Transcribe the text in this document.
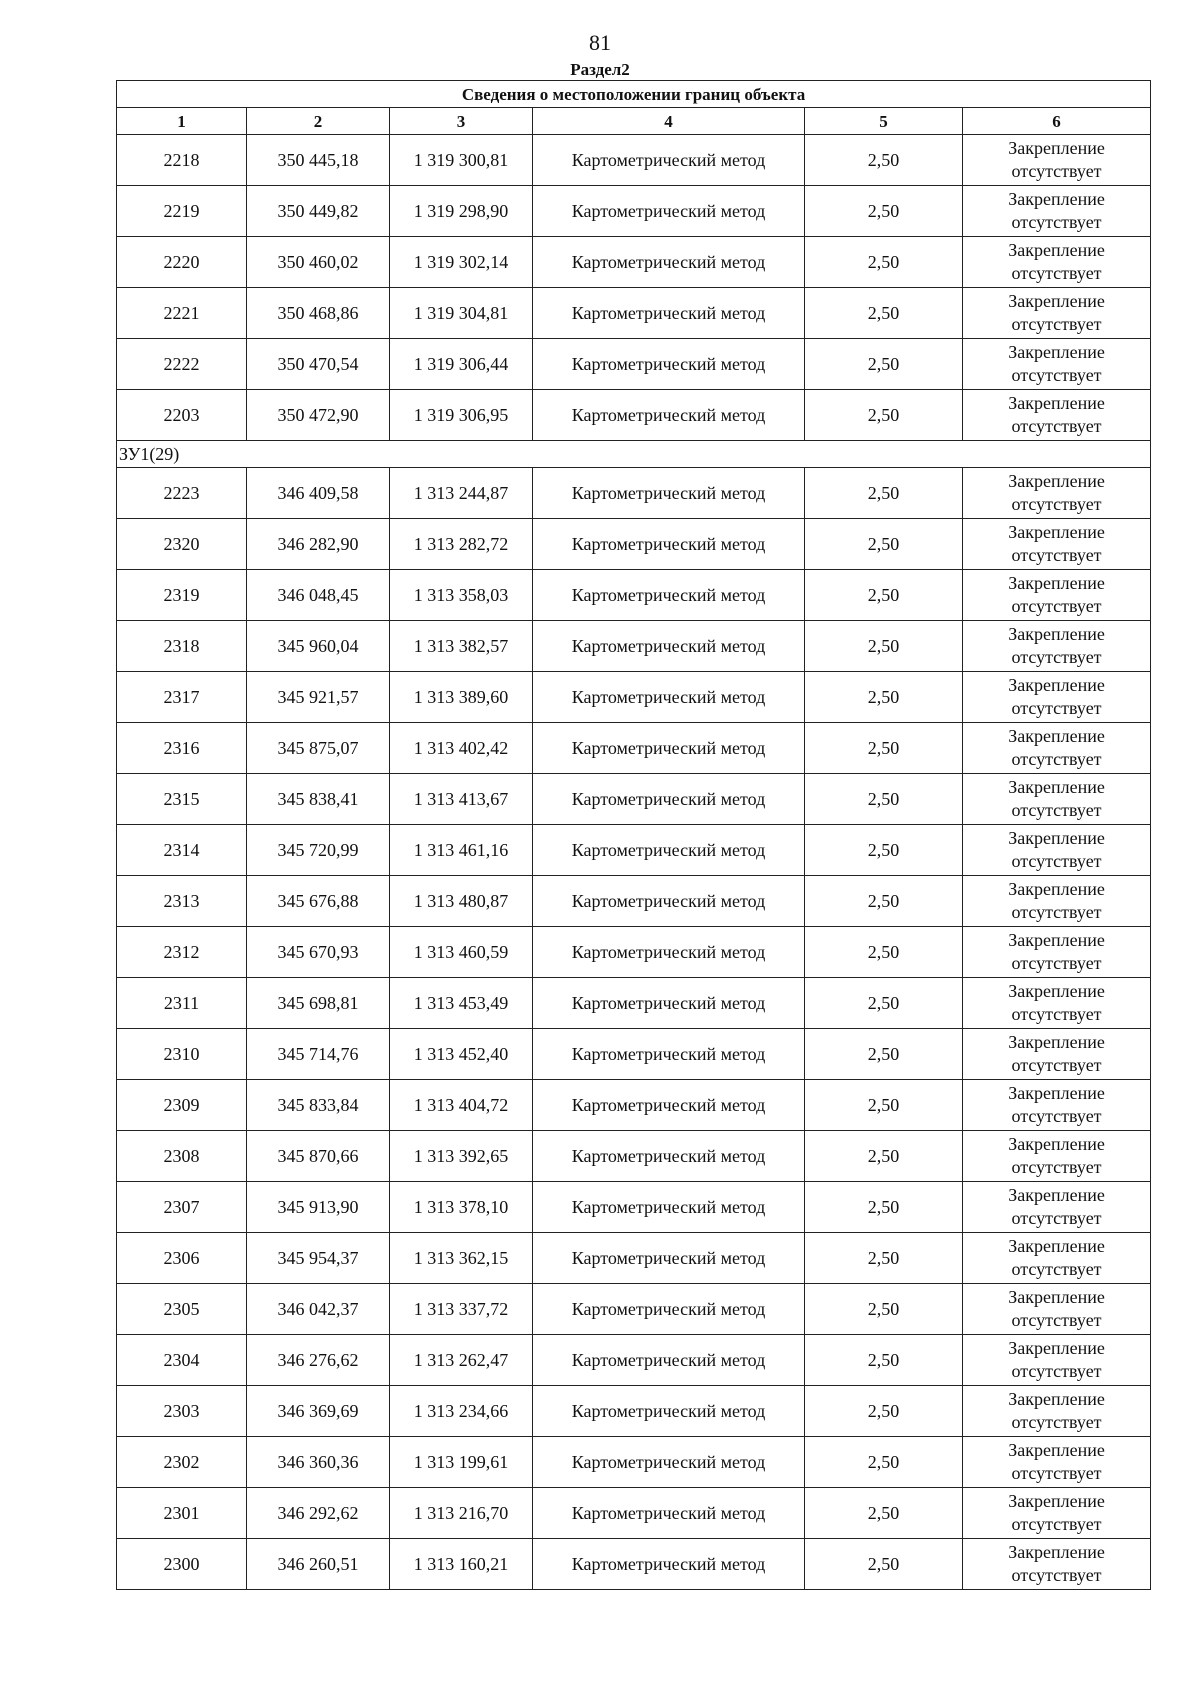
81
Раздел2
Сведения о местоположении границ объекта					
1	2	3	4	5	6
2218	350 445,18	1 319 300,81	Картометрический метод	2,50	Закрепление
отсутствует
2219	350 449,82	1 319 298,90	Картометрический метод	2,50	Закрепление
отсутствует
2220	350 460,02	1 319 302,14	Картометрический метод	2,50	Закрепление
отсутствует
2221	350 468,86	1 319 304,81	Картометрический метод	2,50	Закрепление
отсутствует
2222	350 470,54	1 319 306,44	Картометрический метод	2,50	Закрепление
отсутствует
2203	350 472,90	1 319 306,95	Картометрический метод	2,50	Закрепление
отсутствует
ЗУ1(29)					
2223	346 409,58	1 313 244,87	Картометрический метод	2,50	Закрепление
отсутствует
2320	346 282,90	1 313 282,72	Картометрический метод	2,50	Закрепление
отсутствует
2319	346 048,45	1 313 358,03	Картометрический метод	2,50	Закрепление
отсутствует
2318	345 960,04	1 313 382,57	Картометрический метод	2,50	Закрепление
отсутствует
2317	345 921,57	1 313 389,60	Картометрический метод	2,50	Закрепление
отсутствует
2316	345 875,07	1 313 402,42	Картометрический метод	2,50	Закрепление
отсутствует
2315	345 838,41	1 313 413,67	Картометрический метод	2,50	Закрепление
отсутствует
2314	345 720,99	1 313 461,16	Картометрический метод	2,50	Закрепление
отсутствует
2313	345 676,88	1 313 480,87	Картометрический метод	2,50	Закрепление
отсутствует
2312	345 670,93	1 313 460,59	Картометрический метод	2,50	Закрепление
отсутствует
2311	345 698,81	1 313 453,49	Картометрический метод	2,50	Закрепление
отсутствует
2310	345 714,76	1 313 452,40	Картометрический метод	2,50	Закрепление
отсутствует
2309	345 833,84	1 313 404,72	Картометрический метод	2,50	Закрепление
отсутствует
2308	345 870,66	1 313 392,65	Картометрический метод	2,50	Закрепление
отсутствует
2307	345 913,90	1 313 378,10	Картометрический метод	2,50	Закрепление
отсутствует
2306	345 954,37	1 313 362,15	Картометрический метод	2,50	Закрепление
отсутствует
2305	346 042,37	1 313 337,72	Картометрический метод	2,50	Закрепление
отсутствует
2304	346 276,62	1 313 262,47	Картометрический метод	2,50	Закрепление
отсутствует
2303	346 369,69	1 313 234,66	Картометрический метод	2,50	Закрепление
отсутствует
2302	346 360,36	1 313 199,61	Картометрический метод	2,50	Закрепление
отсутствует
2301	346 292,62	1 313 216,70	Картометрический метод	2,50	Закрепление
отсутствует
2300	346 260,51	1 313 160,21	Картометрический метод	2,50	Закрепление
отсутствует
